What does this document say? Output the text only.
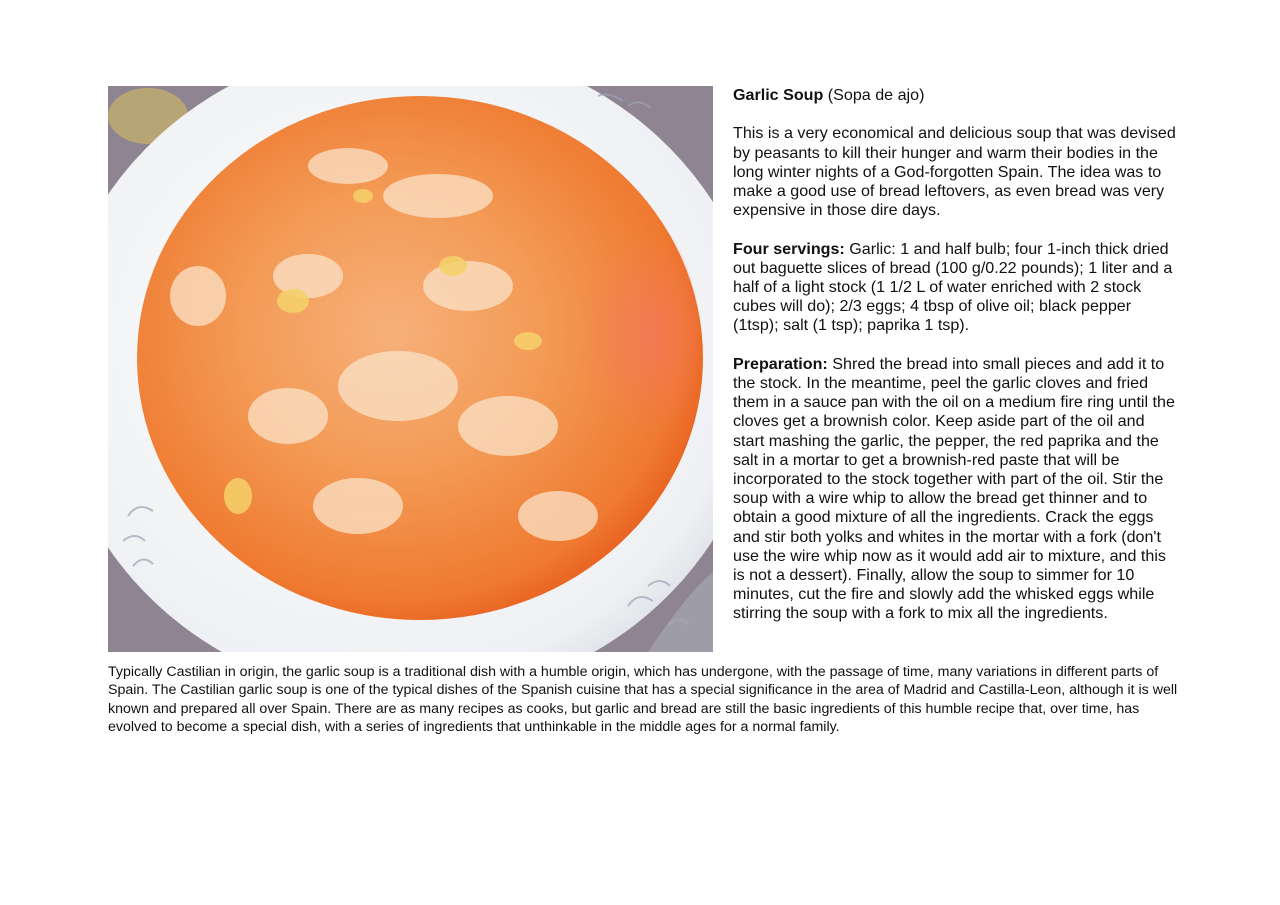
Garlic Soup (Sopa de ajo)

This is a very economical and delicious soup that was devised by peasants to kill their hunger and warm their bodies in the long winter nights of a God-forgotten Spain. The idea was to make a good use of bread leftovers, as even bread was very expensive in those dire days.

Four servings: Garlic: 1 and half bulb; four 1-inch thick dried out baguette slices of bread (100 g/0.22 pounds); 1 liter and a half of a light stock (1 1/2 L of water enriched with 2 stock cubes will do); 2/3 eggs; 4 tbsp of olive oil; black pepper (1tsp); salt (1 tsp); paprika 1 tsp).

Preparation: Shred the bread into small pieces and add it to the stock. In the meantime, peel the garlic cloves and fried them in a sauce pan with the oil on a medium fire ring until the cloves get a brownish color. Keep aside part of the oil and start mashing the garlic, the pepper, the red paprika and the salt in a mortar to get a brownish-red paste that will be incorporated to the stock together with part of the oil. Stir the soup with a wire whip to allow the bread get thinner and to obtain a good mixture of all the ingredients. Crack the eggs and stir both yolks and whites in the mortar with a fork (don't use the wire whip now as it would add air to mixture, and this is not a dessert). Finally, allow the soup to simmer for 10 minutes, cut the fire and slowly add the whisked eggs while stirring the soup with a fork to mix all the ingredients.

Typically Castilian in origin, the garlic soup is a traditional dish with a humble origin, which has undergone, with the passage of time, many variations in different parts of Spain. The Castilian garlic soup is one of the typical dishes of the Spanish cuisine that has a special significance in the area of Madrid and Castilla-Leon, although it is well known and prepared all over Spain. There are as many recipes as cooks, but garlic and bread are still the basic ingredients of this humble recipe that, over time, has evolved to become a special dish, with a series of ingredients that unthinkable in the middle ages for a normal family.
